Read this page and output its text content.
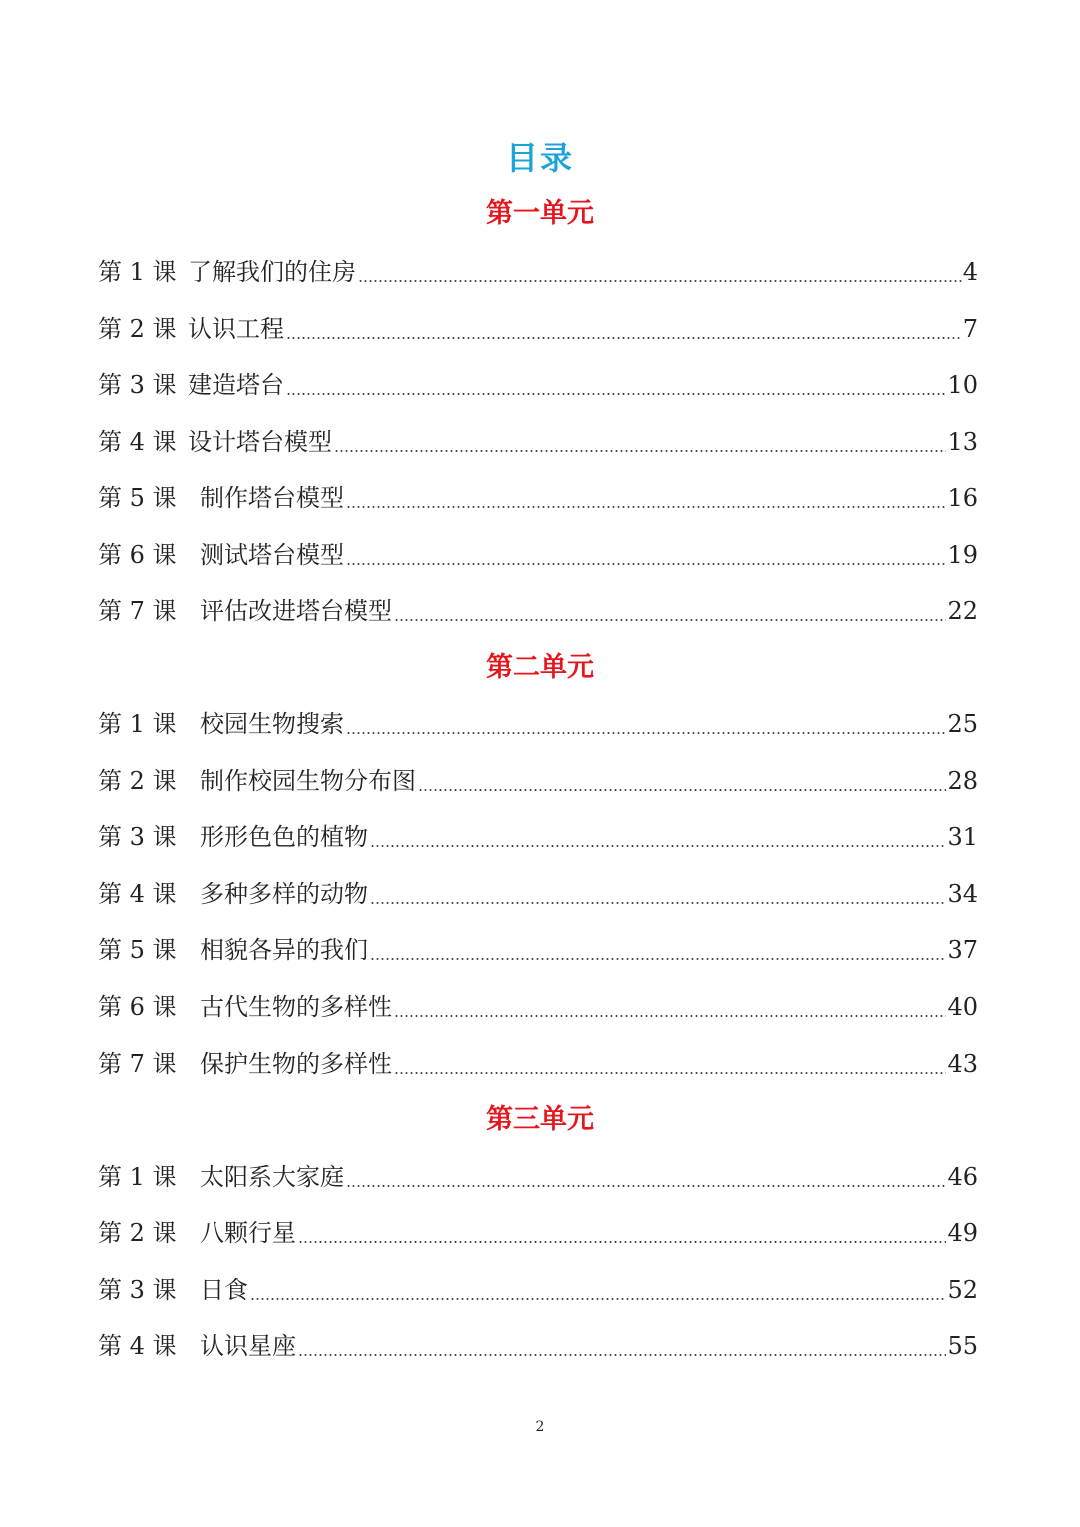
目录
第一单元
第 1 课 了解我们的住房	4
第 2 课 认识工程	7
第 3 课 建造塔台	10
第 4 课 设计塔台模型	13
第 5 课 制作塔台模型	16
第 6 课 测试塔台模型	19
第 7 课 评估改进塔台模型	22
第二单元
第 1 课 校园生物搜索	25
第 2 课 制作校园生物分布图	28
第 3 课 形形色色的植物	31
第 4 课 多种多样的动物	34
第 5 课 相貌各异的我们	37
第 6 课 古代生物的多样性	40
第 7 课 保护生物的多样性	43
第三单元
第 1 课 太阳系大家庭	46
第 2 课 八颗行星	49
第 3 课 日食	52
第 4 课 认识星座	55
2
